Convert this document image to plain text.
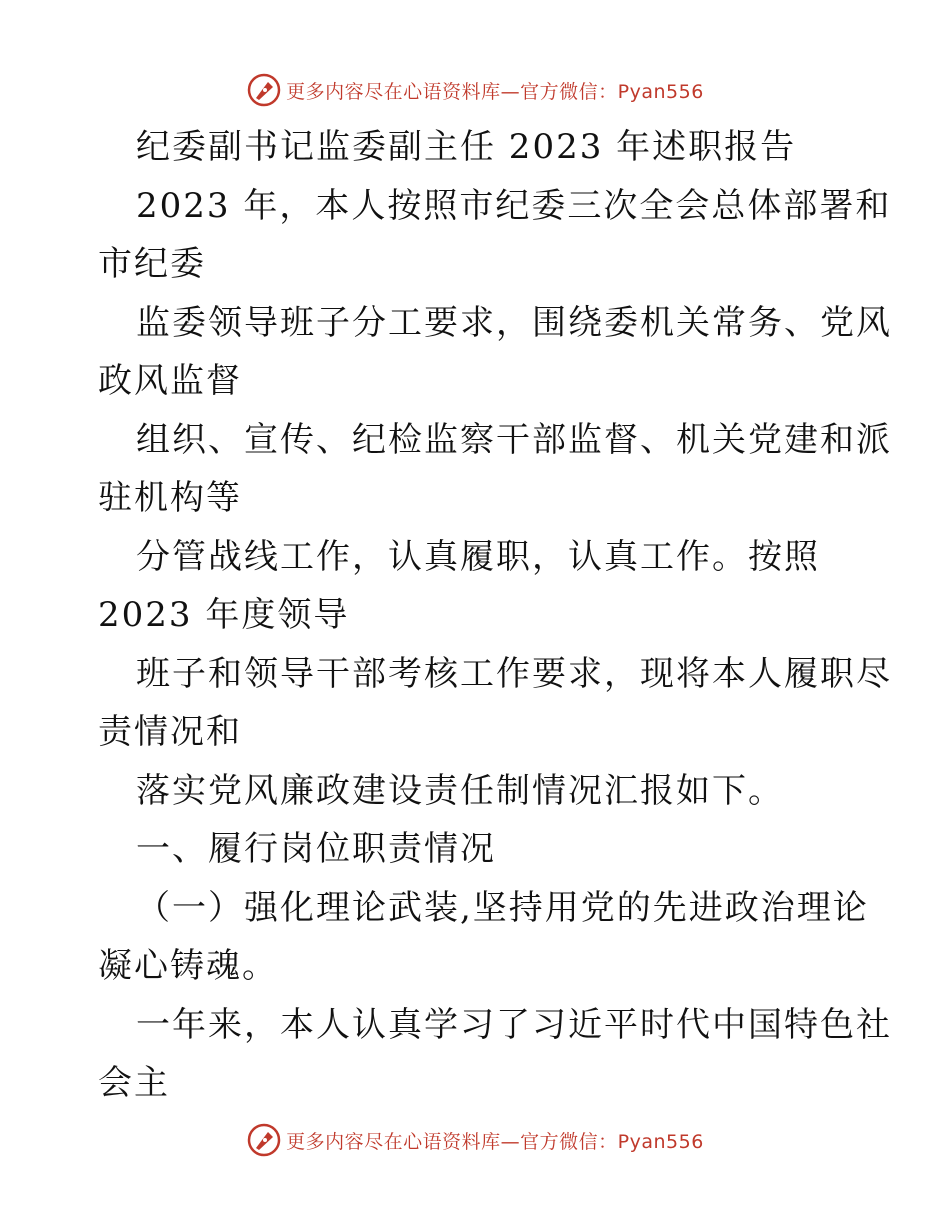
更多内容尽在心语资料库—官方微信：Pyan556
纪委副书记监委副主任 2023 年述职报告
2023 年，本人按照市纪委三次全会总体部署和
市纪委
监委领导班子分工要求，围绕委机关常务、党风
政风监督
组织、宣传、纪检监察干部监督、机关党建和派
驻机构等
分管战线工作，认真履职，认真工作。按照
2023 年度领导
班子和领导干部考核工作要求，现将本人履职尽
责情况和
落实党风廉政建设责任制情况汇报如下。
一、履行岗位职责情况
（一）强化理论武装,坚持用党的先进政治理论
凝心铸魂。
一年来，本人认真学习了习近平时代中国特色社
会主
更多内容尽在心语资料库—官方微信：Pyan556
